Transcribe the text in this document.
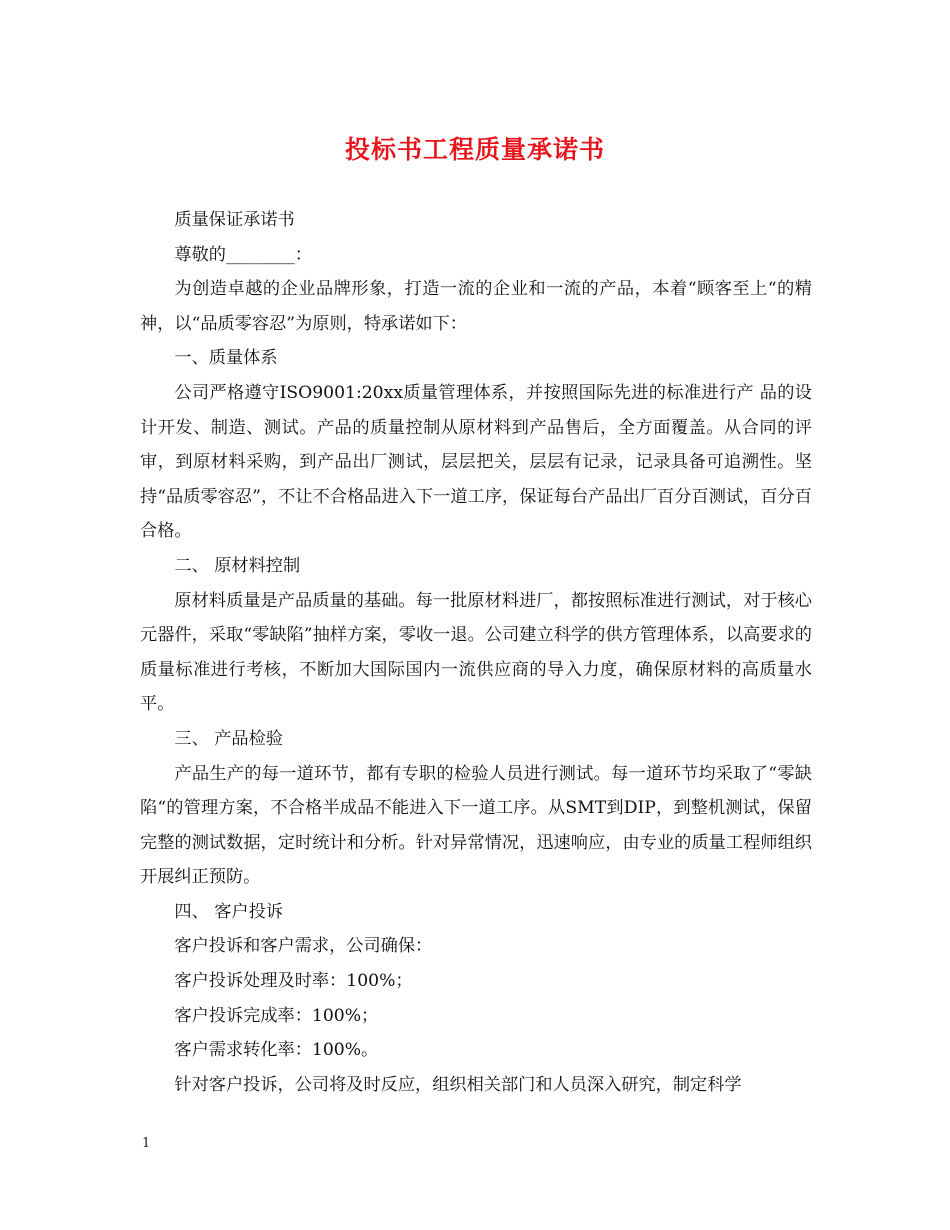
投标书工程质量承诺书

质量保证承诺书

尊敬的________：

为创造卓越的企业品牌形象，打造一流的企业和一流的产品，本着“顾客至上“的精神，以“品质零容忍”为原则，特承诺如下：

一、质量体系

公司严格遵守ISO9001:20xx质量管理体系，并按照国际先进的标准进行产 品的设计开发、制造、测试。产品的质量控制从原材料到产品售后，全方面覆盖。从合同的评审，到原材料采购，到产品出厂测试，层层把关，层层有记录，记录具备可追溯性。坚持“品质零容忍”，不让不合格品进入下一道工序，保证每台产品出厂百分百测试，百分百合格。

二、 原材料控制

原材料质量是产品质量的基础。每一批原材料进厂，都按照标准进行测试，对于核心元器件，采取“零缺陷”抽样方案，零收一退。公司建立科学的供方管理体系，以高要求的质量标准进行考核，不断加大国际国内一流供应商的导入力度，确保原材料的高质量水平。

三、 产品检验

产品生产的每一道环节，都有专职的检验人员进行测试。每一道环节均采取了“零缺陷“的管理方案，不合格半成品不能进入下一道工序。从SMT到DIP，到整机测试，保留完整的测试数据，定时统计和分析。针对异常情况，迅速响应，由专业的质量工程师组织开展纠正预防。

四、 客户投诉

客户投诉和客户需求，公司确保：

客户投诉处理及时率：100%；

客户投诉完成率：100%；

客户需求转化率：100%。

针对客户投诉，公司将及时反应，组织相关部门和人员深入研究，制定科学

1
